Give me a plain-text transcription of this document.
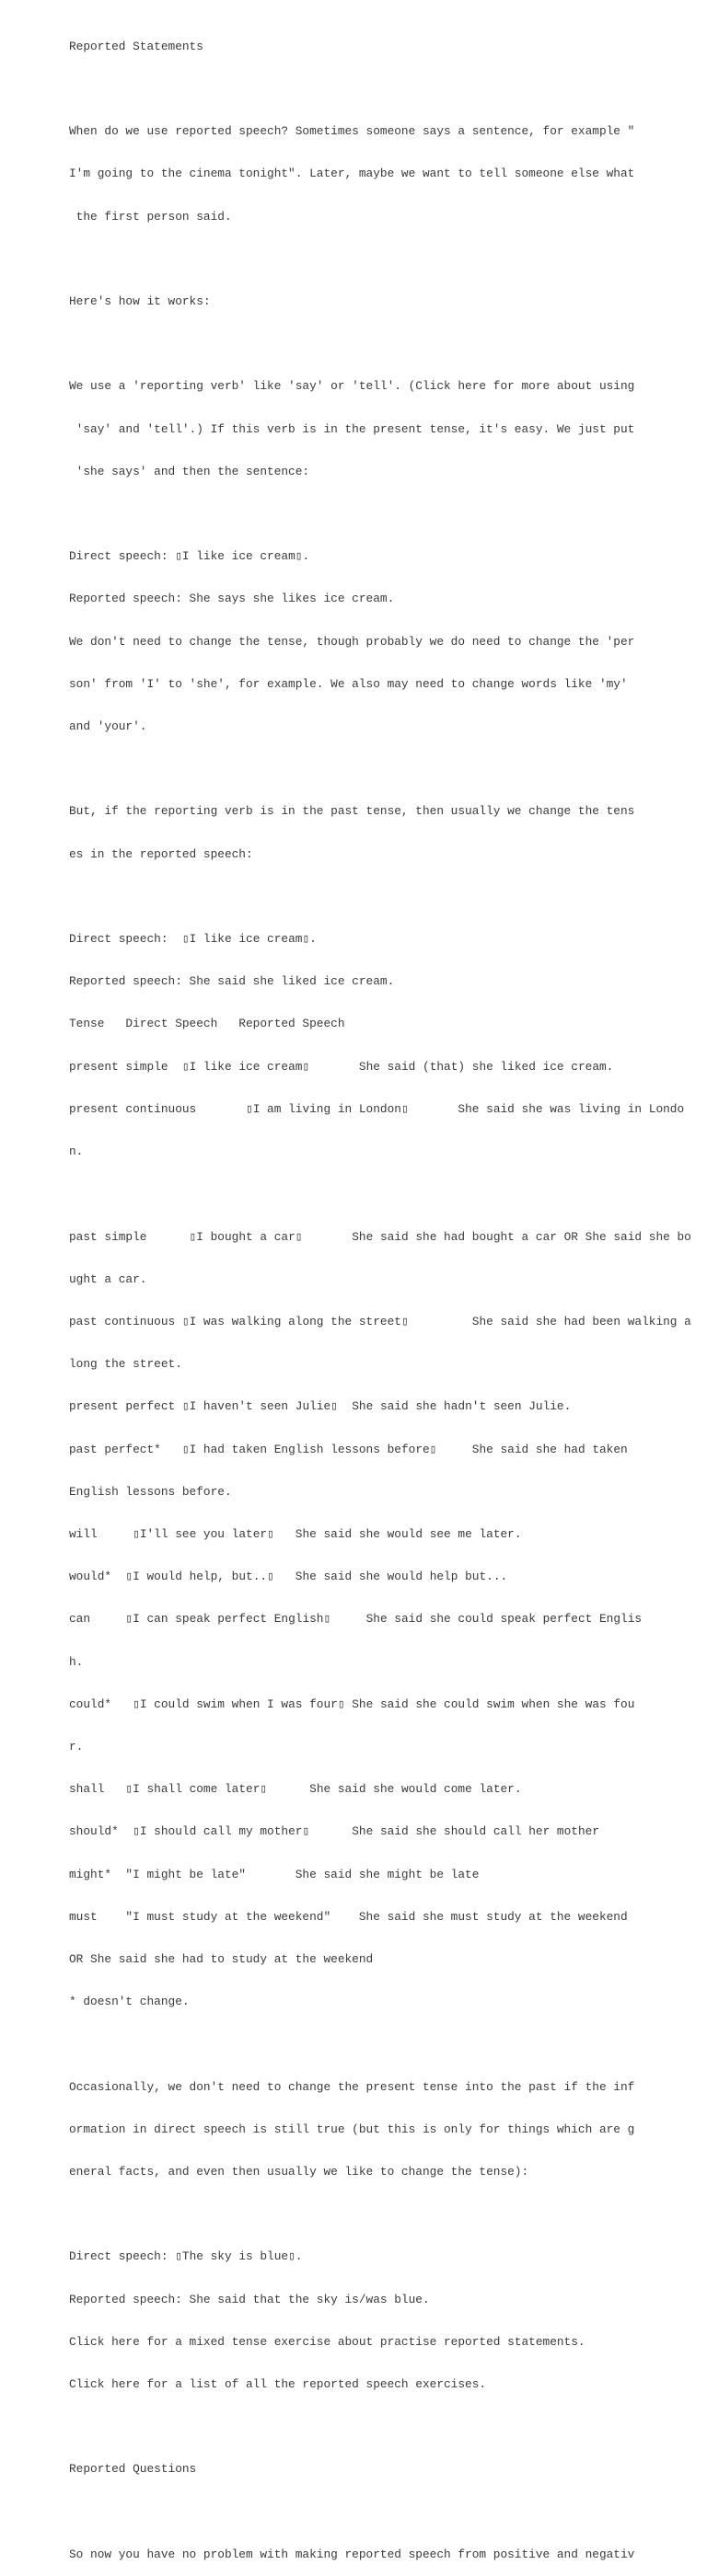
Reported Statements

When do we use reported speech? Sometimes someone says a sentence, for example "

I'm going to the cinema tonight". Later, maybe we want to tell someone else what

the first person said.

Here's how it works:

We use a 'reporting verb' like 'say' or 'tell'. (Click here for more about using

'say' and 'tell'.) If this verb is in the present tense, it's easy. We just put

'she says' and then the sentence:

Direct speech: ▯I like ice cream▯.

Reported speech: She says she likes ice cream.

We don't need to change the tense, though probably we do need to change the 'per

son' from 'I' to 'she', for example. We also may need to change words like 'my'

and 'your'.

But, if the reporting verb is in the past tense, then usually we change the tens

es in the reported speech:

Direct speech:  ▯I like ice cream▯.

Reported speech: She said she liked ice cream.

Tense   Direct Speech   Reported Speech

present simple  ▯I like ice cream▯       She said (that) she liked ice cream.

present continuous       ▯I am living in London▯       She said she was living in Londo

n.

past simple      ▯I bought a car▯       She said she had bought a car OR She said she bo

ught a car.

past continuous ▯I was walking along the street▯         She said she had been walking a

long the street.

present perfect ▯I haven't seen Julie▯  She said she hadn't seen Julie.

past perfect*   ▯I had taken English lessons before▯     She said she had taken

English lessons before.

will     ▯I'll see you later▯   She said she would see me later.

would*  ▯I would help, but..▯   She said she would help but...

can     ▯I can speak perfect English▯     She said she could speak perfect Englis

h.

could*   ▯I could swim when I was four▯ She said she could swim when she was fou

r.

shall   ▯I shall come later▯      She said she would come later.

should*  ▯I should call my mother▯      She said she should call her mother

might*  "I might be late"       She said she might be late

must    "I must study at the weekend"    She said she must study at the weekend

OR She said she had to study at the weekend

* doesn't change.

Occasionally, we don't need to change the present tense into the past if the inf

ormation in direct speech is still true (but this is only for things which are g

eneral facts, and even then usually we like to change the tense):

Direct speech: ▯The sky is blue▯.

Reported speech: She said that the sky is/was blue.

Click here for a mixed tense exercise about practise reported statements.

Click here for a list of all the reported speech exercises.

Reported Questions

So now you have no problem with making reported speech from positive and negativ
